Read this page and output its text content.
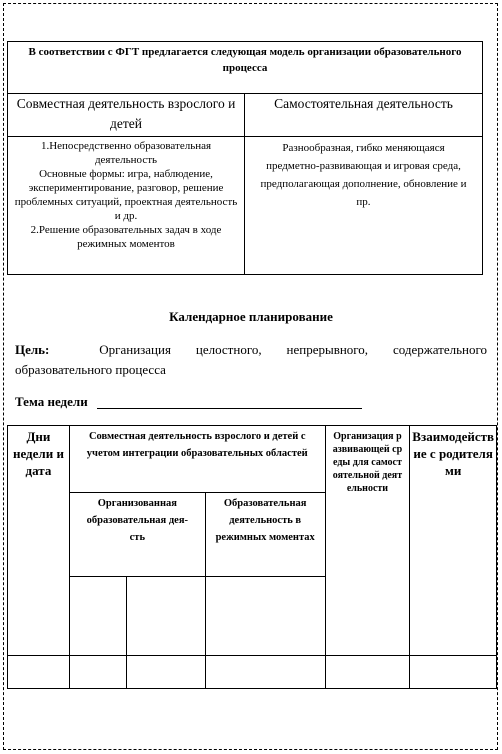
В соответствии с ФГТ предлагается следующая модель организации образовательного процесса	
Совместная деятельность взрослого и детей	Самостоятельная деятельность

1.Непосредственно образовательная деятельность
Основные формы: игра, наблюдение, экспериментирование, разговор, решение проблемных ситуаций, проектная деятельность и др.
2.Решение образовательных задач в ходе режимных моментов	Разнообразная, гибко меняющаяся предметно-развивающая и игровая среда, предполагающая дополнение, обновление и пр.
Календарное планирование
Цель:	Организация целостного, непрерывного, содержательного
образовательного процесса
Тема недели
Дни недели и дата	Совместная деятельность взрослого и детей с учетом интеграции образовательных областей			Организация развивающей среды для самостоятельной деятельности	Взаимодействие с родителями
	Организованная образовательная дея-сть		Образовательная деятельность в режимных моментах		
